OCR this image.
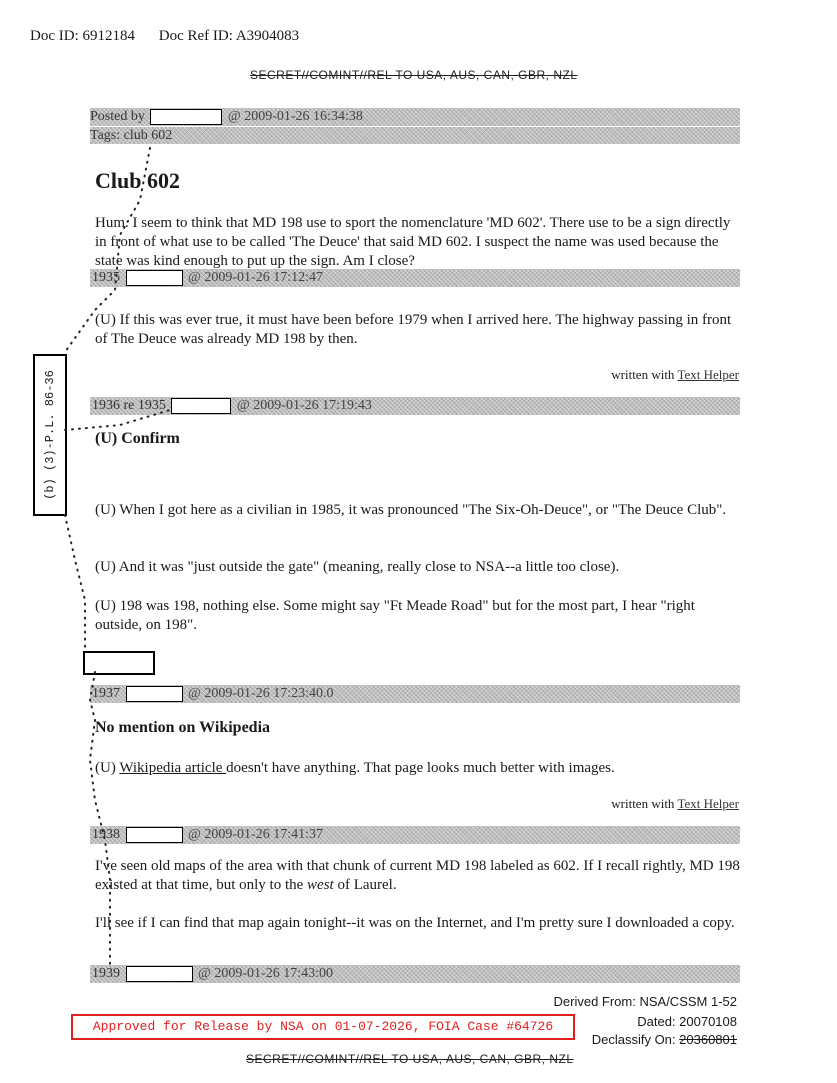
Doc ID: 6912184 Doc Ref ID: A3904083
SECRET//COMINT//REL TO USA, AUS, CAN, GBR, NZL
Posted by	@ 2009-01-26 16:34:38
Tags: club 602
Club 602
Hum. I seem to think that MD 198 use to sport the nomenclature 'MD 602'. There use to be a sign directly in front of what use to be called 'The Deuce' that said MD 602. I suspect the name was used because the state was kind enough to put up the sign. Am I close?
1935	@ 2009-01-26 17:12:47
(U) If this was ever true, it must have been before 1979 when I arrived here. The highway passing in front of The Deuce was already MD 198 by then.
written with Text Helper
1936 re 1935	@ 2009-01-26 17:19:43
(U) Confirm
(U) When I got here as a civilian in 1985, it was pronounced "The Six-Oh-Deuce", or "The Deuce Club".
(U) And it was "just outside the gate" (meaning, really close to NSA--a little too close).
(U) 198 was 198, nothing else. Some might say "Ft Meade Road" but for the most part, I hear "right outside, on 198".
1937	@ 2009-01-26 17:23:40.0
No mention on Wikipedia
(U) Wikipedia article doesn't have anything. That page looks much better with images.
written with Text Helper
1938	@ 2009-01-26 17:41:37
I've seen old maps of the area with that chunk of current MD 198 labeled as 602. If I recall rightly, MD 198 existed at that time, but only to the west of Laurel.
I'll see if I can find that map again tonight--it was on the Internet, and I'm pretty sure I downloaded a copy.
1939	@ 2009-01-26 17:43:00
(b) (3)-P.L. 86-36
Derived From: NSA/CSSM 1-52
Dated: 20070108
Declassify On: 20360801
Approved for Release by NSA on 01-07-2026, FOIA Case #64726
SECRET//COMINT//REL TO USA, AUS, CAN, GBR, NZL
